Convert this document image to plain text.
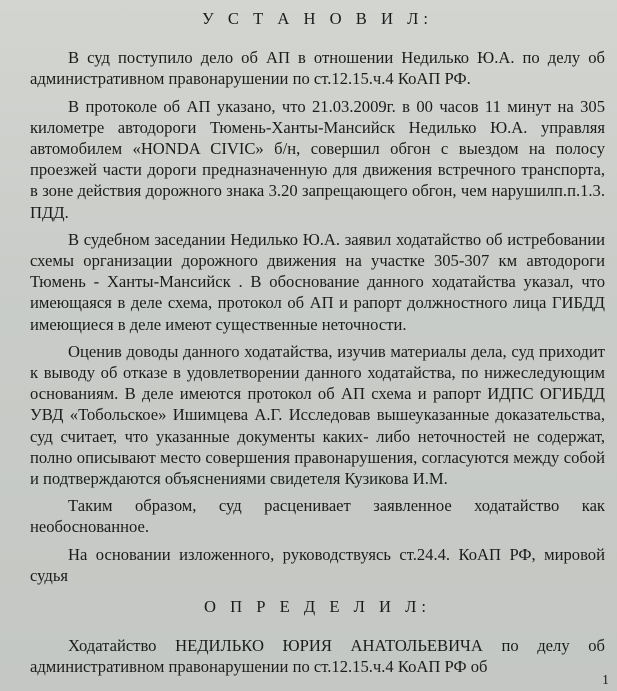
У С Т А Н О В И Л:

В суд поступило дело об АП в отношении Недилько Ю.А. по делу об административном правонарушении по ст.12.15.ч.4 КоАП РФ.

В протоколе об АП указано, что 21.03.2009г. в 00 часов 11 минут на 305 километре автодороги Тюмень-Ханты-Мансийск Недилько Ю.А. управляя автомобилем «HONDA CIVIC» б/н, совершил обгон с выездом на полосу проезжей части дороги предназначенную для движения встречного транспорта, в зоне действия дорожного знака 3.20 запрещающего обгон, чем нарушилп.п.1.3. ПДД.

В судебном заседании Недилько Ю.А. заявил ходатайство об истребовании схемы организации дорожного движения на участке 305-307 км автодороги Тюмень - Ханты-Мансийск . В обоснование данного ходатайства указал, что имеющаяся в деле схема, протокол об АП и рапорт должностного лица ГИБДД имеющиеся в деле имеют существенные неточности.

Оценив доводы данного ходатайства, изучив материалы дела, суд приходит к выводу об отказе в удовлетворении данного ходатайства, по нижеследующим основаниям. В деле имеются протокол об АП схема и рапорт ИДПС ОГИБДД УВД «Тобольское» Ишимцева А.Г. Исследовав вышеуказанные доказательства, суд считает, что указанные документы каких- либо неточностей не содержат, полно описывают место совершения правонарушения, согласуются между собой и подтверждаются объяснениями свидетеля Кузикова И.М.

Таким образом, суд расценивает заявленное ходатайство как необоснованное.

На основании изложенного, руководствуясь ст.24.4. КоАП РФ, мировой судья

О П Р Е Д Е Л И Л:

Ходатайство НЕДИЛЬКО ЮРИЯ АНАТОЛЬЕВИЧА по делу об административном правонарушении по ст.12.15.ч.4 КоАП РФ об

1
